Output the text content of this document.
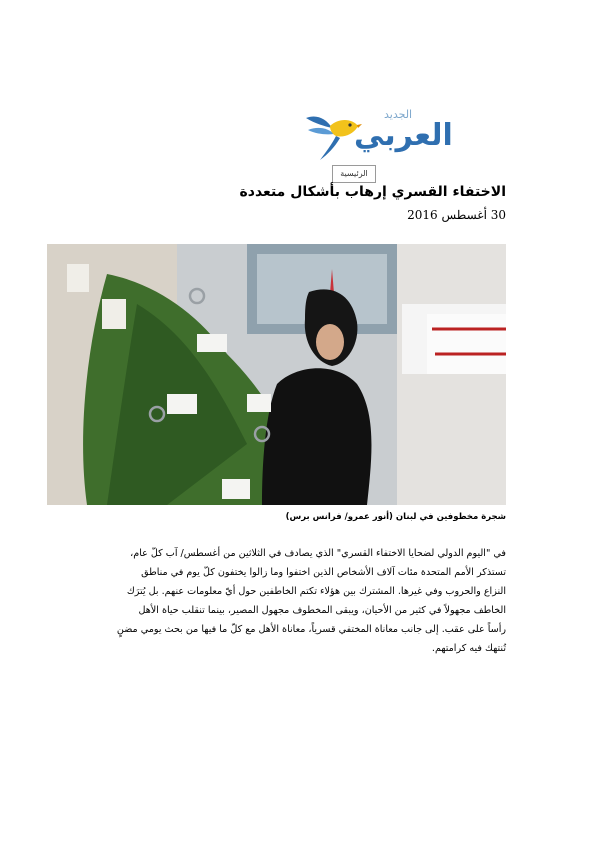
الجديد
العربي
الرئيسية
الاختفاء القسري إرهاب بأشكال متعددة
30 أغسطس 2016
شجرة مخطوفين في لبنان (أنور عمرو/ فرانس برس)
في "اليوم الدولي لضحايا الاختفاء القسري" الذي يصادف في الثلاثين من أغسطس/ آب كلّ عام،
تستذكر الأمم المتحدة مئات آلاف الأشخاص الذين اختفوا وما زالوا يختفون كلّ يوم في مناطق
النزاع والحروب وفي غيرها. المشترك بين هؤلاء تكتم الخاطفين حول أيّ معلومات عنهم. بل يُترَك
الخاطف مجهولاً في كثير من الأحيان، ويبقى المخطوف مجهول المصير، بينما تنقلب حياة الأهل
رأساً على عقب. إلى جانب معاناة المختفي قسرياً، معاناة الأهل مع كلّ ما فيها من بحث يومي مضنٍ
تُنتهك فيه كرامتهم.
